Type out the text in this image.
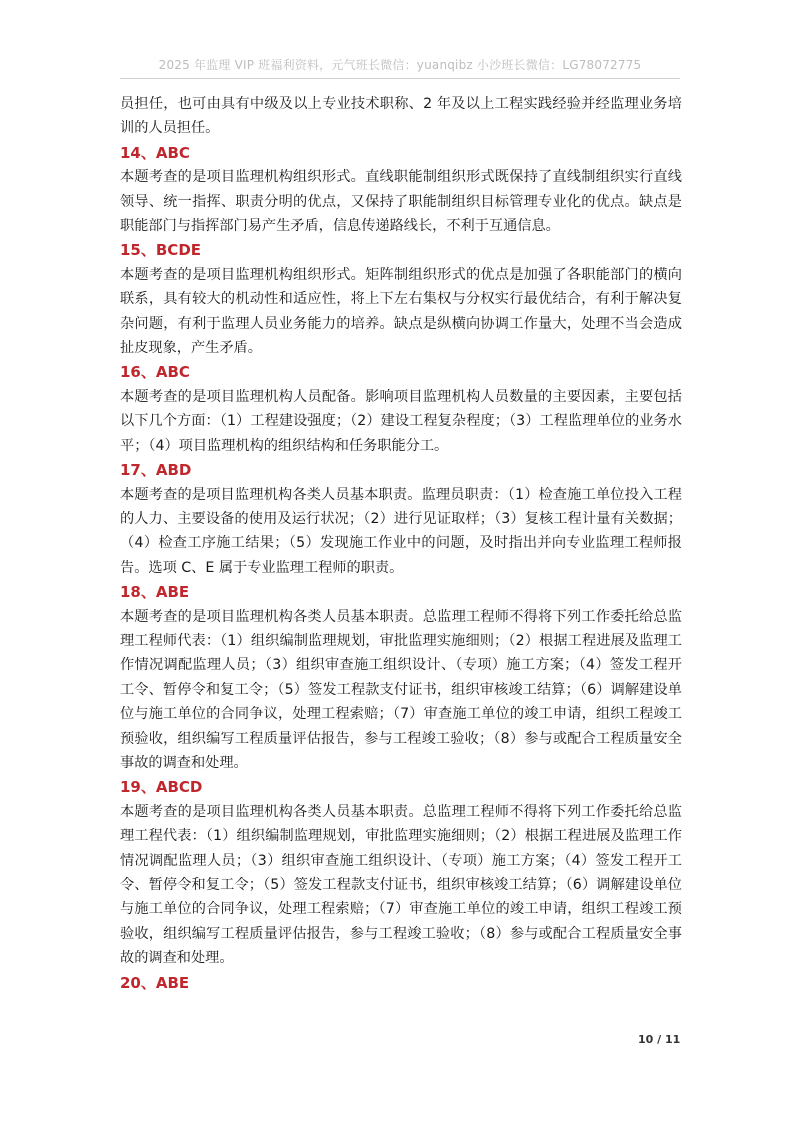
2025 年监理 VIP 班福利资料，元气班长微信：yuanqibz 小沙班长微信：LG78072775

员担任，也可由具有中级及以上专业技术职称、2 年及以上工程实践经验并经监理业务培训的人员担任。

14、ABC

本题考查的是项目监理机构组织形式。直线职能制组织形式既保持了直线制组织实行直线领导、统一指挥、职责分明的优点，又保持了职能制组织目标管理专业化的优点。缺点是职能部门与指挥部门易产生矛盾，信息传递路线长，不利于互通信息。

15、BCDE

本题考查的是项目监理机构组织形式。矩阵制组织形式的优点是加强了各职能部门的横向联系，具有较大的机动性和适应性，将上下左右集权与分权实行最优结合，有利于解决复杂问题，有利于监理人员业务能力的培养。缺点是纵横向协调工作量大，处理不当会造成扯皮现象，产生矛盾。

16、ABC

本题考查的是项目监理机构人员配备。影响项目监理机构人员数量的主要因素，主要包括以下几个方面：（1）工程建设强度；（2）建设工程复杂程度；（3）工程监理单位的业务水平；（4）项目监理机构的组织结构和任务职能分工。

17、ABD

本题考查的是项目监理机构各类人员基本职责。监理员职责：（1）检查施工单位投入工程的人力、主要设备的使用及运行状况；（2）进行见证取样；（3）复核工程计量有关数据；（4）检查工序施工结果；（5）发现施工作业中的问题，及时指出并向专业监理工程师报告。选项 C、E 属于专业监理工程师的职责。

18、ABE

本题考查的是项目监理机构各类人员基本职责。总监理工程师不得将下列工作委托给总监理工程师代表：（1）组织编制监理规划，审批监理实施细则；（2）根据工程进展及监理工作情况调配监理人员；（3）组织审查施工组织设计、（专项）施工方案；（4）签发工程开工令、暂停令和复工令；（5）签发工程款支付证书，组织审核竣工结算；（6）调解建设单位与施工单位的合同争议，处理工程索赔；（7）审查施工单位的竣工申请，组织工程竣工预验收，组织编写工程质量评估报告，参与工程竣工验收；（8）参与或配合工程质量安全事故的调查和处理。

19、ABCD

本题考查的是项目监理机构各类人员基本职责。总监理工程师不得将下列工作委托给总监理工程代表：（1）组织编制监理规划，审批监理实施细则；（2）根据工程进展及监理工作情况调配监理人员；（3）组织审查施工组织设计、（专项）施工方案；（4）签发工程开工令、暂停令和复工令；（5）签发工程款支付证书，组织审核竣工结算；（6）调解建设单位与施工单位的合同争议，处理工程索赔；（7）审查施工单位的竣工申请，组织工程竣工预验收，组织编写工程质量评估报告，参与工程竣工验收；（8）参与或配合工程质量安全事故的调查和处理。

20、ABE

10 / 11
